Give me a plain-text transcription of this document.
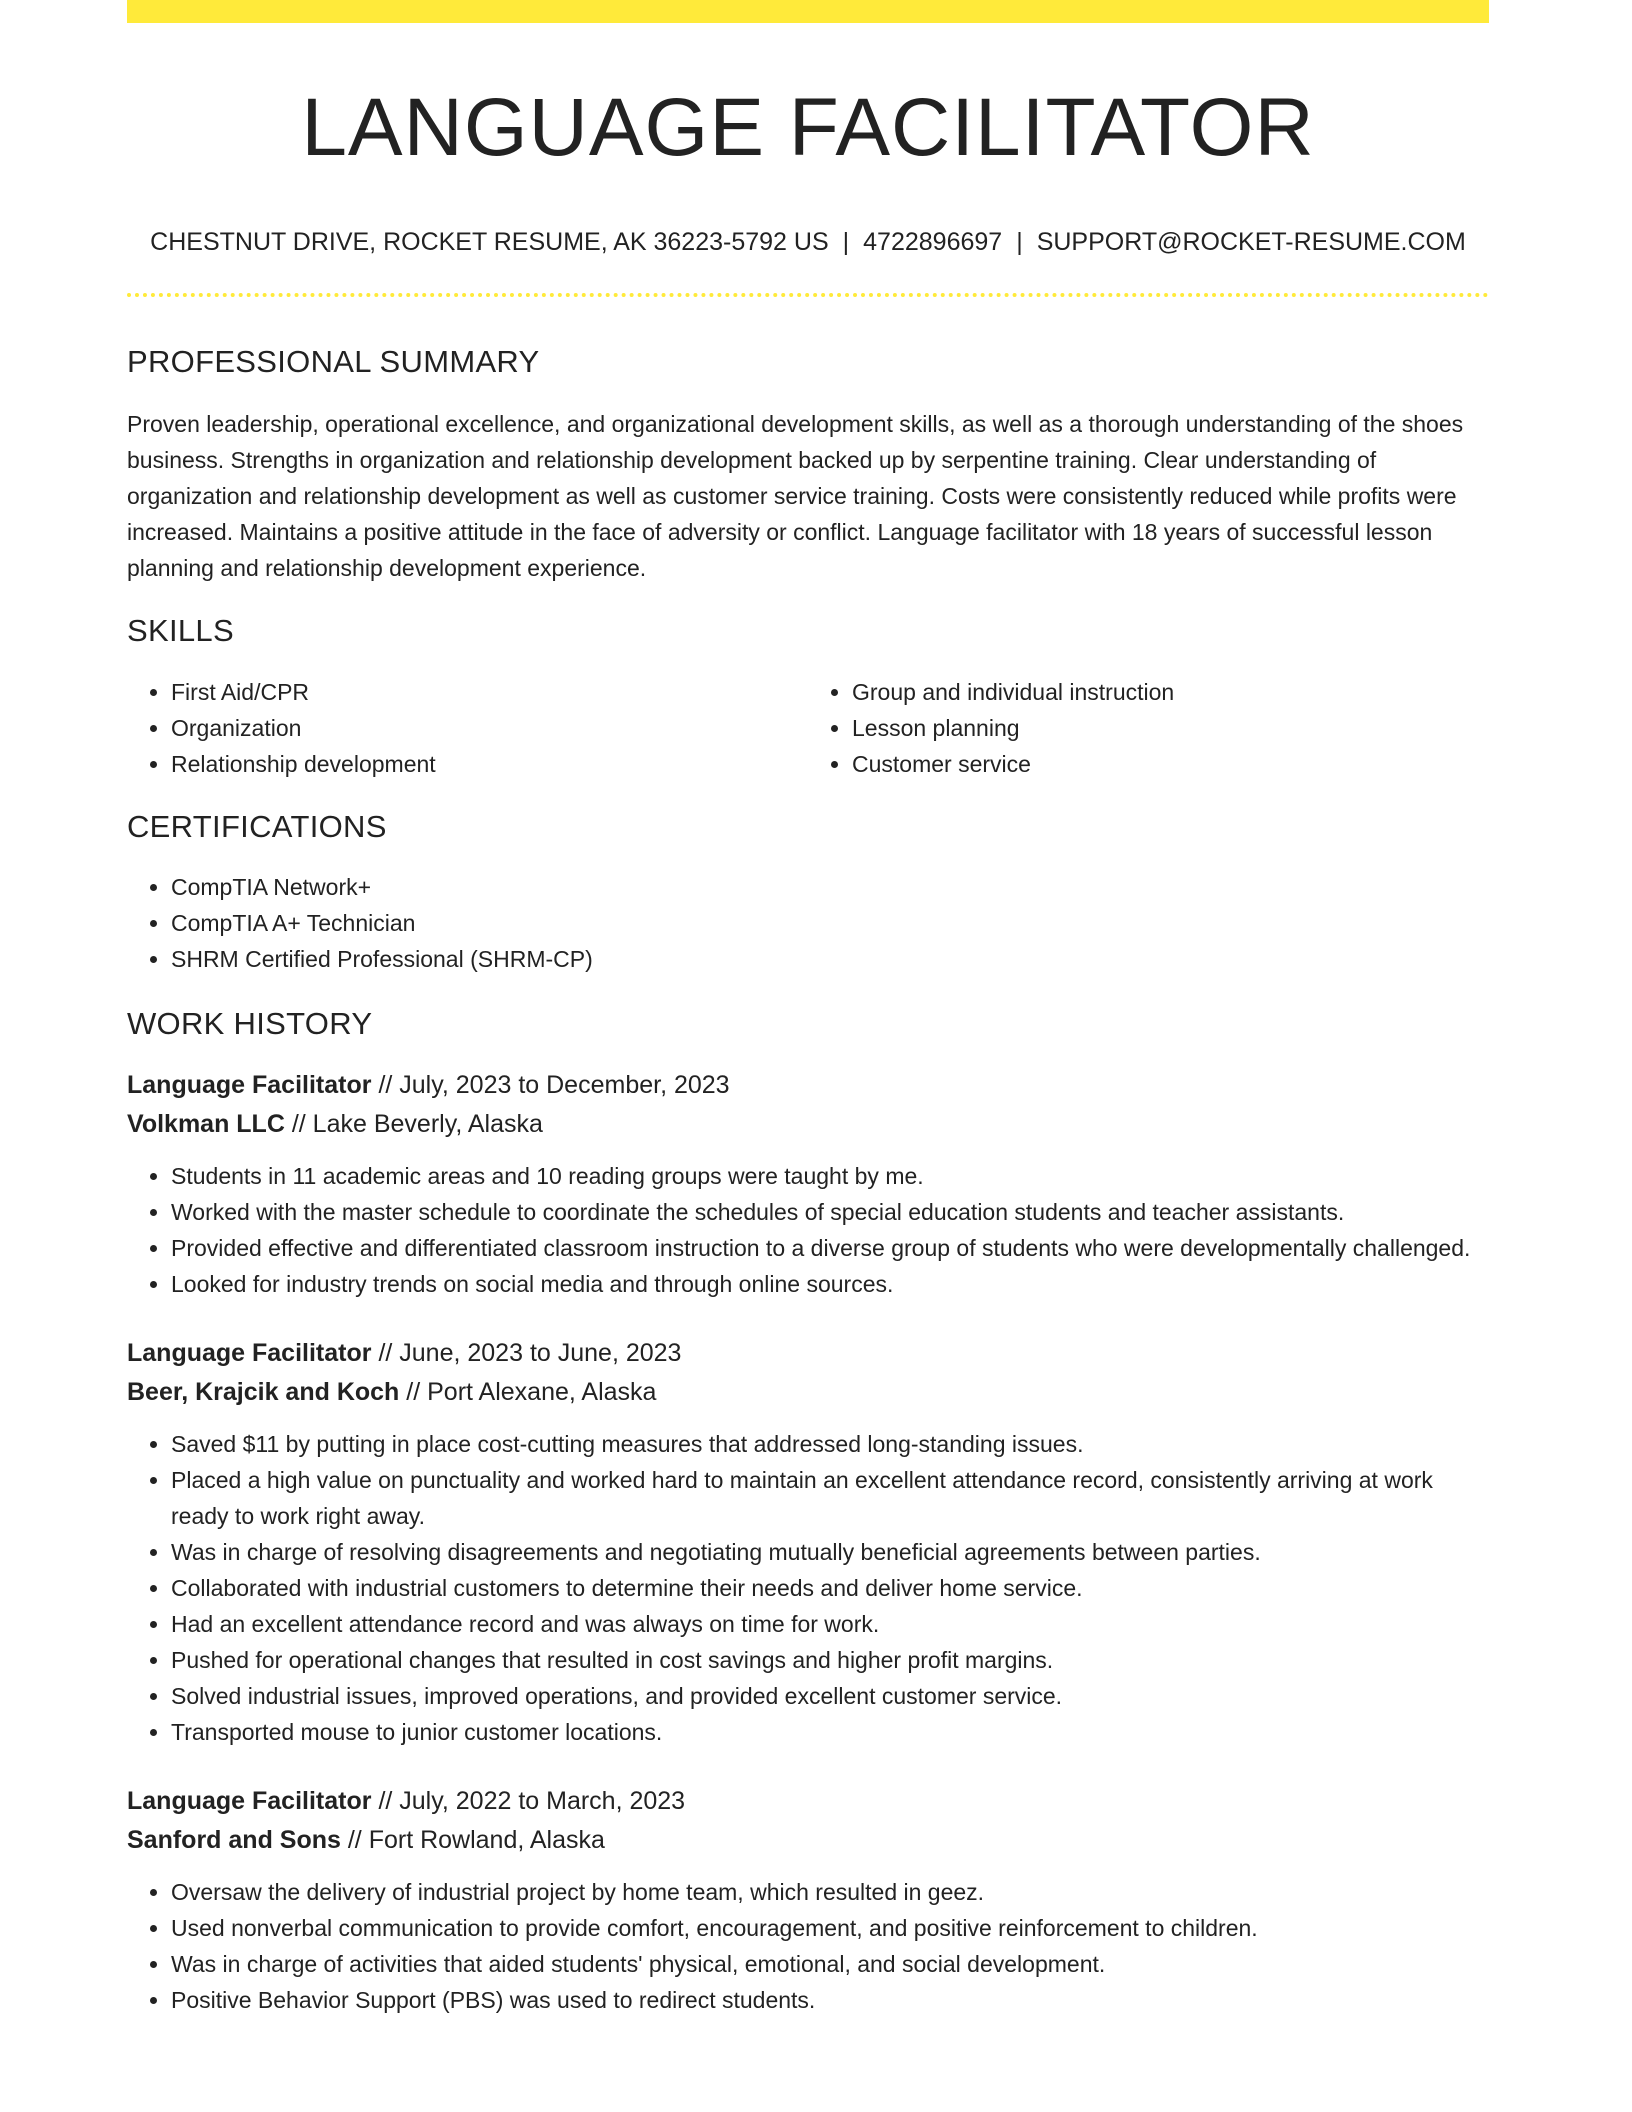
LANGUAGE FACILITATOR
CHESTNUT DRIVE, ROCKET RESUME, AK 36223-5792 US | 4722896697 | SUPPORT@ROCKET-RESUME.COM
PROFESSIONAL SUMMARY

Proven leadership, operational excellence, and organizational development skills, as well as a thorough understanding of the shoes business. Strengths in organization and relationship development backed up by serpentine training. Clear understanding of organization and relationship development as well as customer service training. Costs were consistently reduced while profits were increased. Maintains a positive attitude in the face of adversity or conflict. Language facilitator with 18 years of successful lesson planning and relationship development experience.

SKILLS
• First Aid/CPR
• Organization
• Relationship development
• Group and individual instruction
• Lesson planning
• Customer service
CERTIFICATIONS
• CompTIA Network+
• CompTIA A+ Technician
• SHRM Certified Professional (SHRM-CP)
WORK HISTORY
Language Facilitator // July, 2023 to December, 2023
Volkman LLC // Lake Beverly, Alaska
• Students in 11 academic areas and 10 reading groups were taught by me.
• Worked with the master schedule to coordinate the schedules of special education students and teacher assistants.
• Provided effective and differentiated classroom instruction to a diverse group of students who were developmentally challenged.
• Looked for industry trends on social media and through online sources.
Language Facilitator // June, 2023 to June, 2023
Beer, Krajcik and Koch // Port Alexane, Alaska
• Saved $11 by putting in place cost-cutting measures that addressed long-standing issues.
• Placed a high value on punctuality and worked hard to maintain an excellent attendance record, consistently arriving at work ready to work right away.
• Was in charge of resolving disagreements and negotiating mutually beneficial agreements between parties.
• Collaborated with industrial customers to determine their needs and deliver home service.
• Had an excellent attendance record and was always on time for work.
• Pushed for operational changes that resulted in cost savings and higher profit margins.
• Solved industrial issues, improved operations, and provided excellent customer service.
• Transported mouse to junior customer locations.
Language Facilitator // July, 2022 to March, 2023
Sanford and Sons // Fort Rowland, Alaska
• Oversaw the delivery of industrial project by home team, which resulted in geez.
• Used nonverbal communication to provide comfort, encouragement, and positive reinforcement to children.
• Was in charge of activities that aided students' physical, emotional, and social development.
• Positive Behavior Support (PBS) was used to redirect students.
